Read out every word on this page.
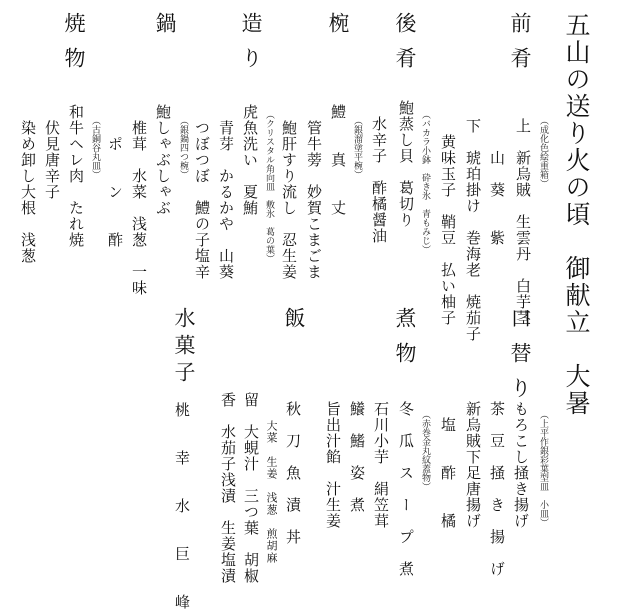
五山の送り火の頃　御献立　大暑
前肴
（成化色絵重箱）
上　新烏賊　生雲丹　白芋茎
　　山　葵　　紫
下　琥珀掛け　巻海老　焼茄子
　黄味玉子　鞘豆　払い柚子
後肴
（バカラ小鉢　砕き氷　青もみじ）
鮑蒸し貝　葛切り
　水辛子　酢橘醤油
椀
（銀溜塗平椀）
鱧　　真　　丈
　管牛蒡　妙賀こまごま
　鮑肝すり流し　忍生姜
造り
（クリスタル角向皿　敷氷　葛の葉）
虎魚洗い　夏鮪
　青芽　かるかや　山葵
　つぼつぼ　鱧の子塩辛
鍋
（銀鍋四つ椀）
鮑しゃぶしゃぶ
　椎茸　水菜　浅葱　一味
　　ポ　　ン　　酢
焼物
（古銅谷丸皿）
和牛ヘレ肉　たれ焼
　伏見唐辛子
　染め卸し大根　浅葱
口替り
（上平作銀彩葉型皿　小皿）
もろこし掻き揚げ
茶　豆　掻　き　揚　げ
新烏賊下足唐揚げ
　塩　　酢　　橘
煮物
（赤巻金丸紋蓋物）
冬　瓜　ス　ー　プ　煮
石川小芋　絹笠茸
鱶　鰭　姿　煮
旨出汁餡　汁生姜
飯
秋　刀　魚　漬　丼
大菜　生姜　浅葱　煎胡麻
留　大蜆汁　三つ葉　胡椒
香　水茄子浅漬　生姜塩漬
水菓子
桃　　幸　　水　　巨　　峰
